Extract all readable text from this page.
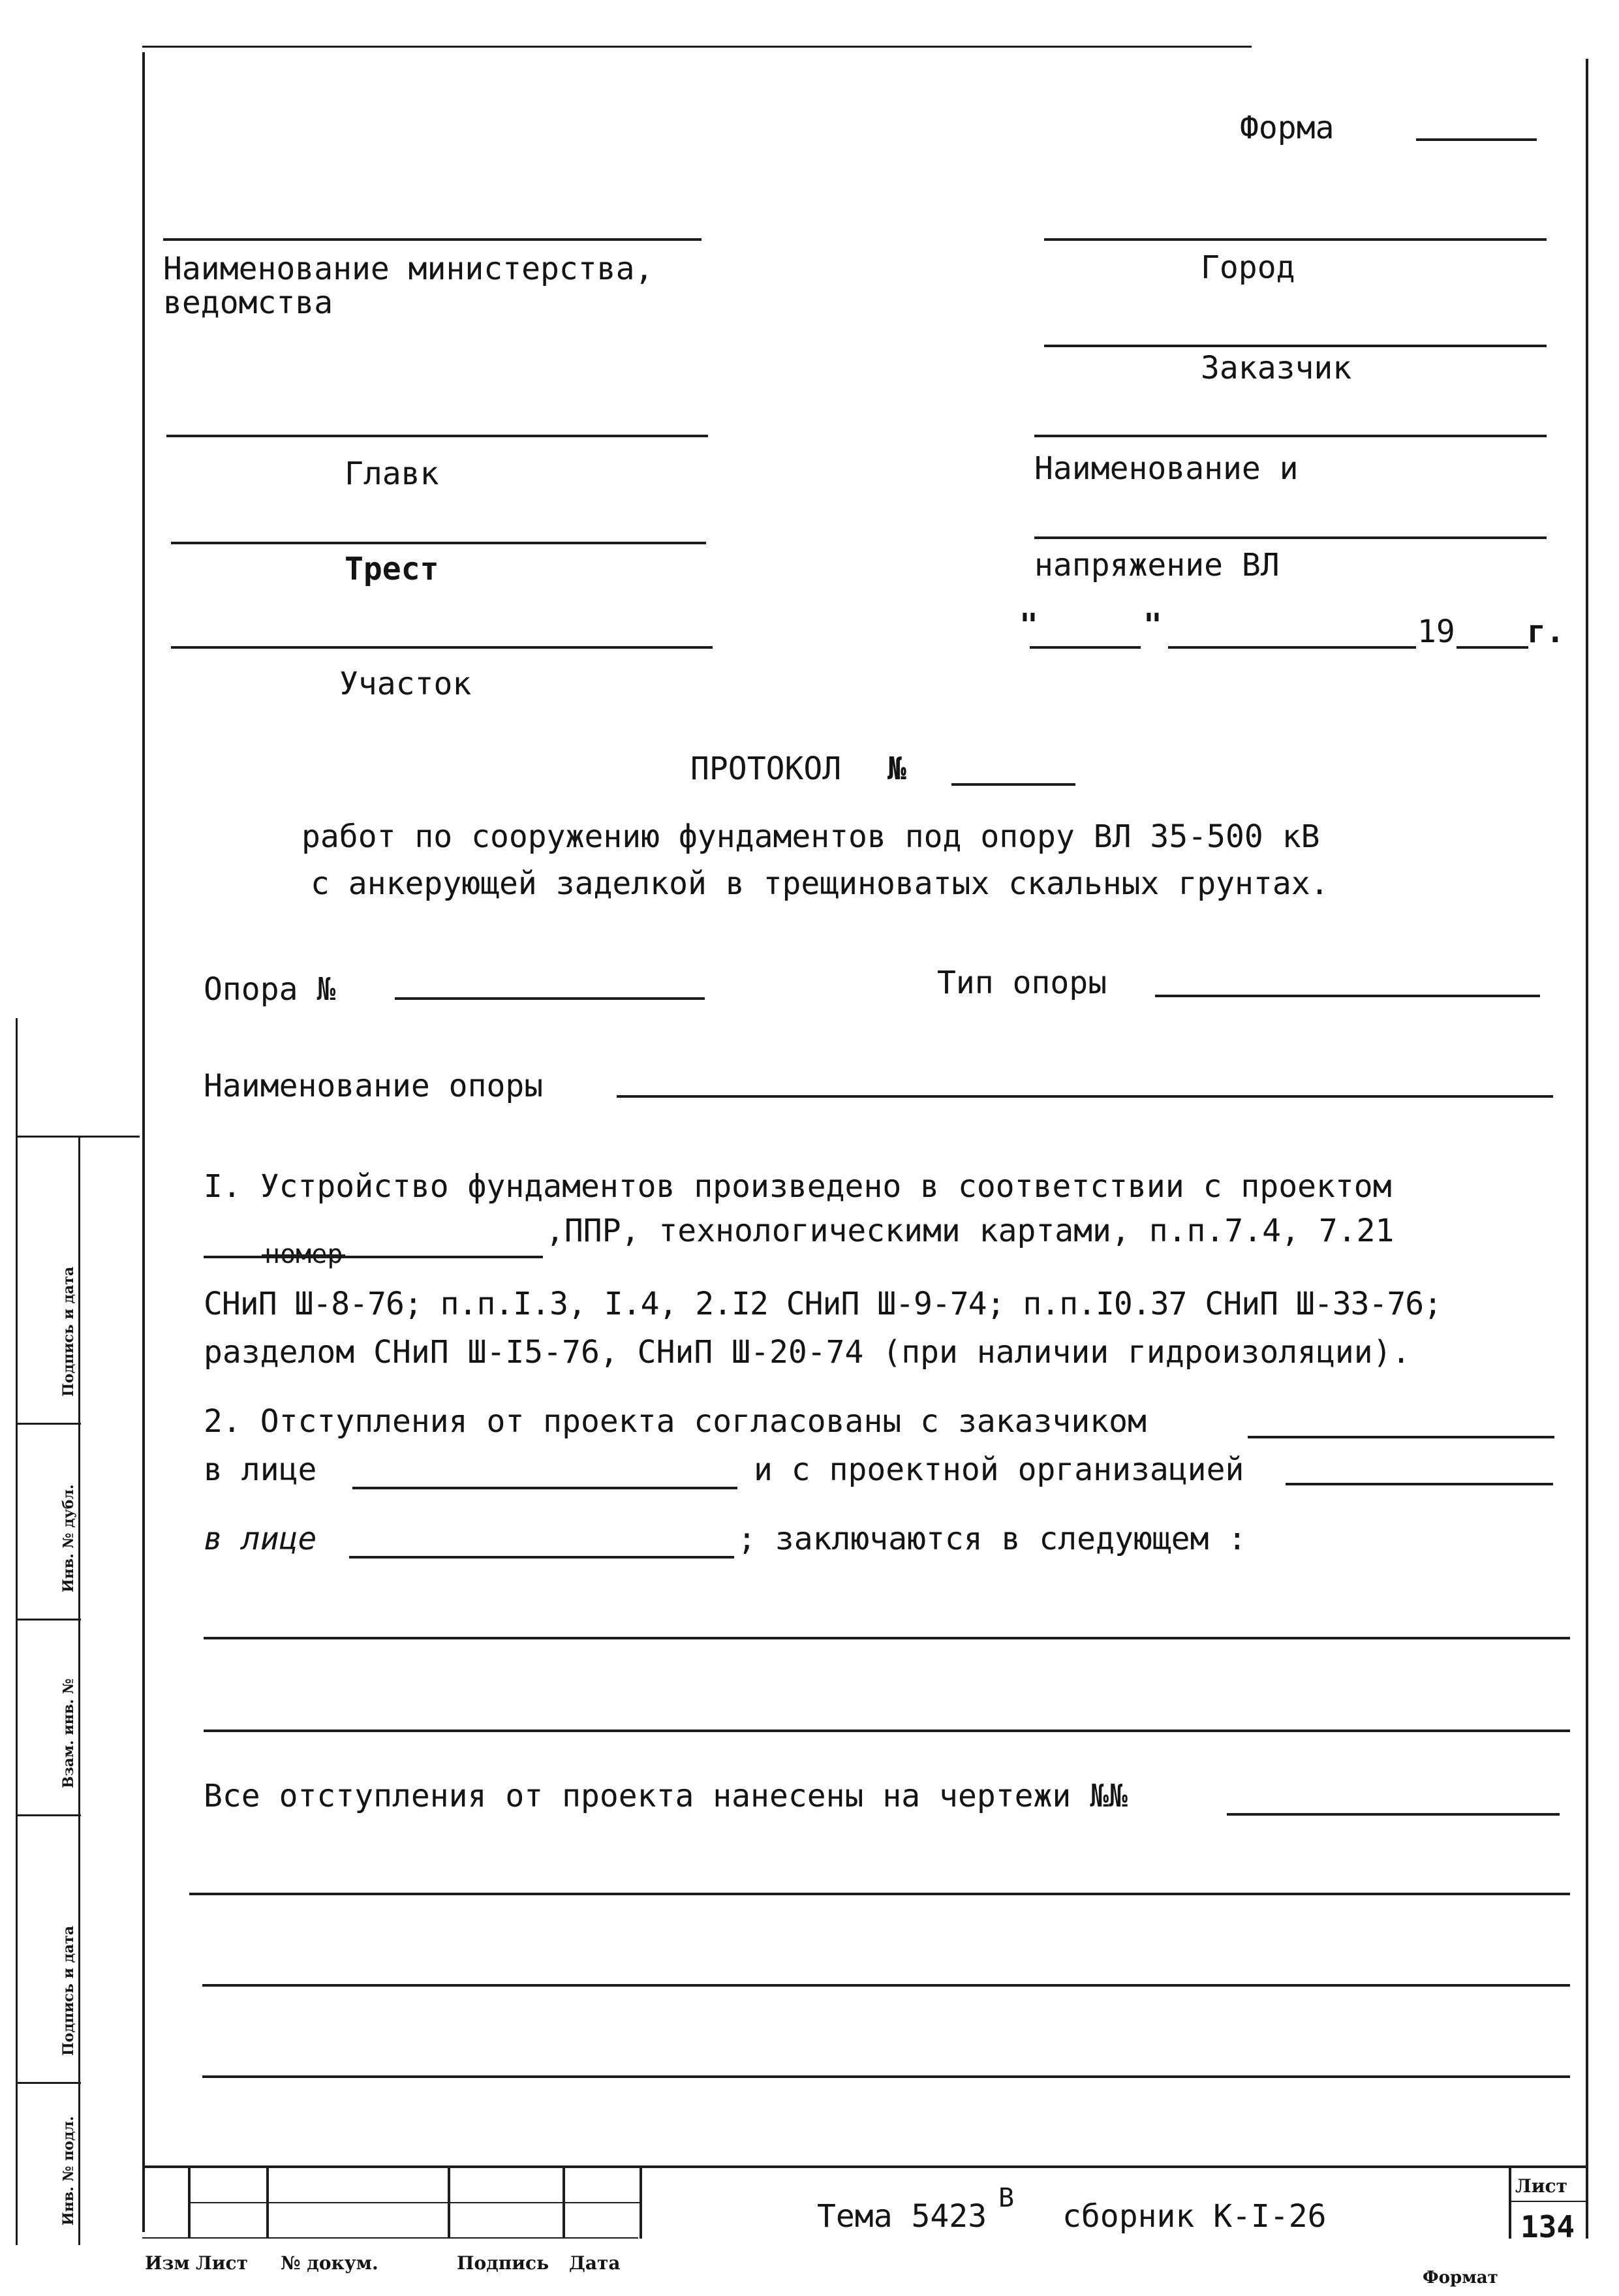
Форма
Наименование министерства,
ведомства
Город
Заказчик
Главк	Наименование и
Трест	напряжение ВЛ
"	"	19 г.
Участок
ПРОТОКОЛ №
работ по сооружению фундаментов под опору ВЛ 35-500 кВ
с анкерующей заделкой в трещиноватых скальных грунтах.
Опора №	Тип опоры
Наименование опоры
I. Устройство фундаментов произведено в соответствии с проектом
,ППР, технологическими картами, п.п.7.4, 7.21
номер
СНиП Ш-8-76; п.п.I.3, I.4, 2.I2 СНиП Ш-9-74; п.п.I0.37 СНиП Ш-33-76;
разделом СНиП Ш-I5-76, СНиП Ш-20-74 (при наличии гидроизоляции).
2. Отступления от проекта согласованы с заказчиком
в лице	и с проектной организацией
в лице	; заключаются в следующем :
Все отступления от проекта нанесены на чертежи №№
Изм Лист № докум.	Подпись Дата
Тема 5423 В сборник К-I-26
Лист
134
Подпись и дата
Инв. № дубл.
Взам. инв. №
Подпись и дата
Инв. № подл.
Формат
